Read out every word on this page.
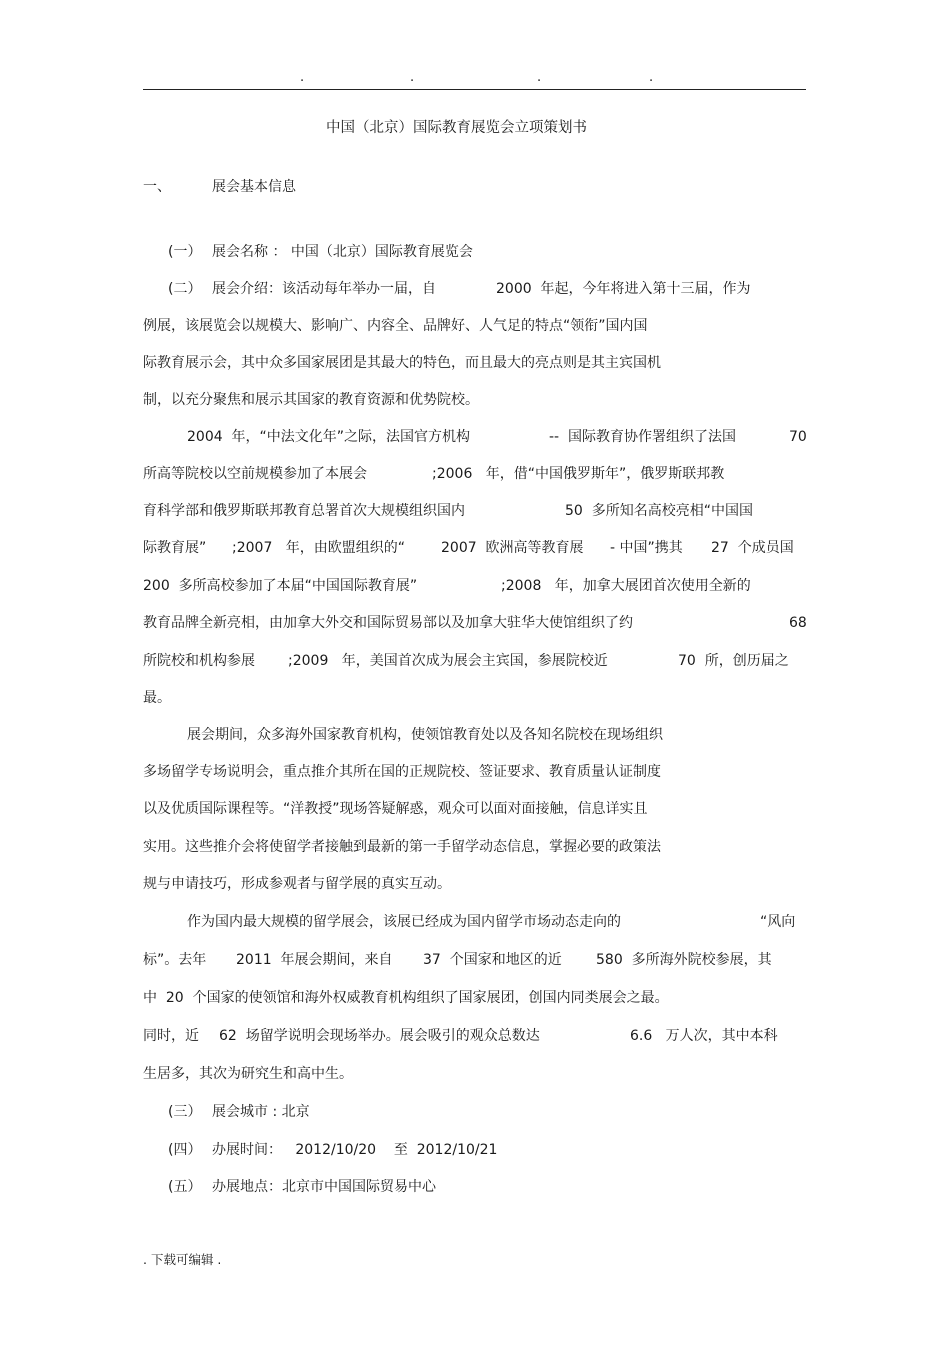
.	.	.	.
中国（北京）国际教育展览会立项策划书
一、	展会基本信息
(一） 展会名称 ： 中国（北京）国际教育展览会
(二） 展会介绍：该活动每年举办一届，自	2000  年起，今年将进入第十三届，作为
例展，该展览会以规模大、影响广、内容全、品牌好、人气足的特点“领衔”国内国
际教育展示会，其中众多国家展团是其最大的特色，而且最大的亮点则是其主宾国机
制，以充分聚焦和展示其国家的教育资源和优势院校。
2004  年，“中法文化年”之际，法国官方机构	--  国际教育协作署组织了法国	70
所高等院校以空前规模参加了本展会	;2006   年，借“中国俄罗斯年”，俄罗斯联邦教
育科学部和俄罗斯联邦教育总署首次大规模组织国内	50  多所知名高校亮相“中国国
际教育展” ;2007   年，由欧盟组织的“	2007  欧洲高等教育展 - 中国”携其 27  个成员国
200  多所高校参加了本届“中国国际教育展”	;2008   年，加拿大展团首次使用全新的
教育品牌全新亮相，由加拿大外交和国际贸易部以及加拿大驻华大使馆组织了约	68
所院校和机构参展 ;2009   年，美国首次成为展会主宾国，参展院校近	70  所，创历届之
最。
展会期间，众多海外国家教育机构，使领馆教育处以及各知名院校在现场组织
多场留学专场说明会，重点推介其所在国的正规院校、签证要求、教育质量认证制度
以及优质国际课程等。“洋教授”现场答疑解惑，观众可以面对面接触，信息详实且
实用。这些推介会将使留学者接触到最新的第一手留学动态信息，掌握必要的政策法
规与申请技巧，形成参观者与留学展的真实互动。
作为国内最大规模的留学展会，该展已经成为国内留学市场动态走向的	“风向
标”。去年 2011  年展会期间，来自 37  个国家和地区的近 580  多所海外院校参展，其
中  20  个国家的使领馆和海外权威教育机构组织了国家展团，创国内同类展会之最。
同时，近 62  场留学说明会现场举办。展会吸引的观众总数达	6.6   万人次，其中本科
生居多，其次为研究生和高中生。
(三） 展会城市 : 北京
(四） 办展时间：   2012/10/20    至  2012/10/21
(五） 办展地点：北京市中国国际贸易中心
. 下载可编辑 .
